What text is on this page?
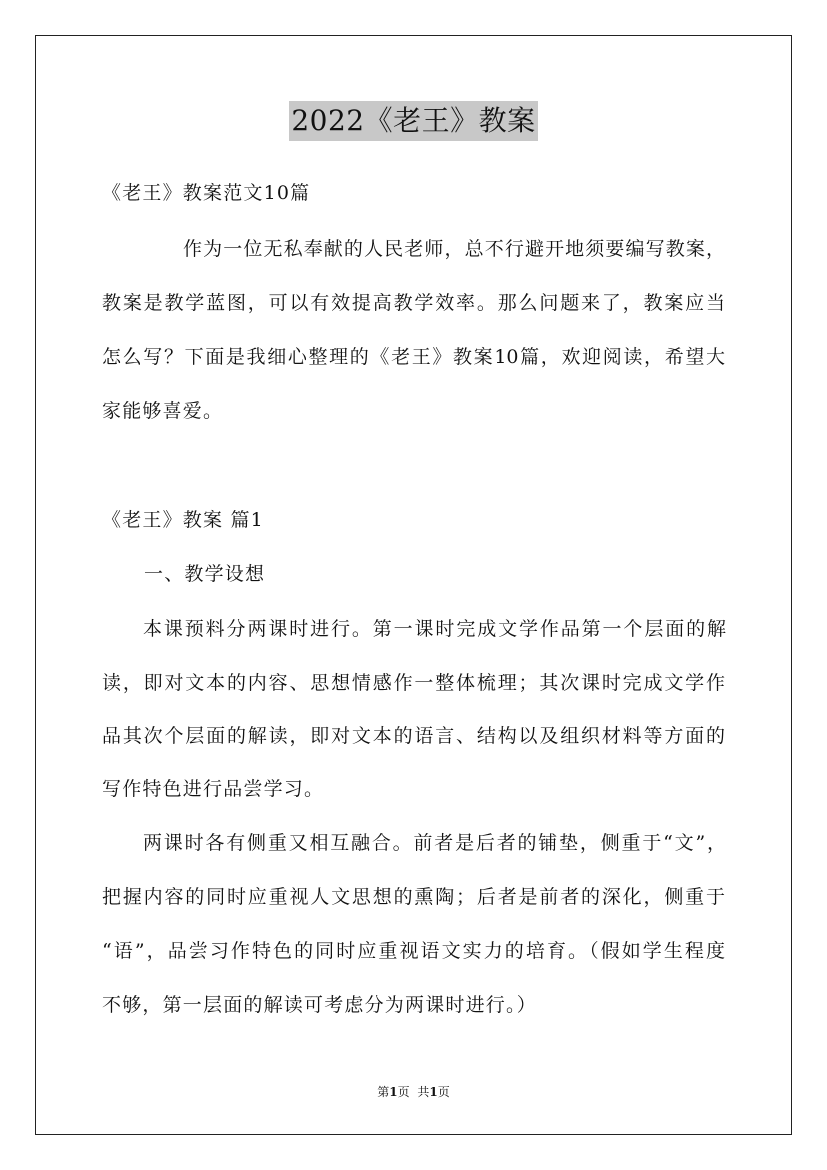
2022《老王》教案
《老王》教案范文10篇
作为一位无私奉献的人民老师，总不行避开地须要编写教案，
教案是教学蓝图，可以有效提高教学效率。那么问题来了，教案应当
怎么写？下面是我细心整理的《老王》教案10篇，欢迎阅读，希望大
家能够喜爱。
《老王》教案 篇1
一、教学设想
本课预料分两课时进行。第一课时完成文学作品第一个层面的解
读，即对文本的内容、思想情感作一整体梳理；其次课时完成文学作
品其次个层面的解读，即对文本的语言、结构以及组织材料等方面的
写作特色进行品尝学习。
两课时各有侧重又相互融合。前者是后者的铺垫，侧重于“文”，
把握内容的同时应重视人文思想的熏陶；后者是前者的深化，侧重于
“语”，品尝习作特色的同时应重视语文实力的培育。（假如学生程度
不够，第一层面的解读可考虑分为两课时进行。）
第1页 共1页
